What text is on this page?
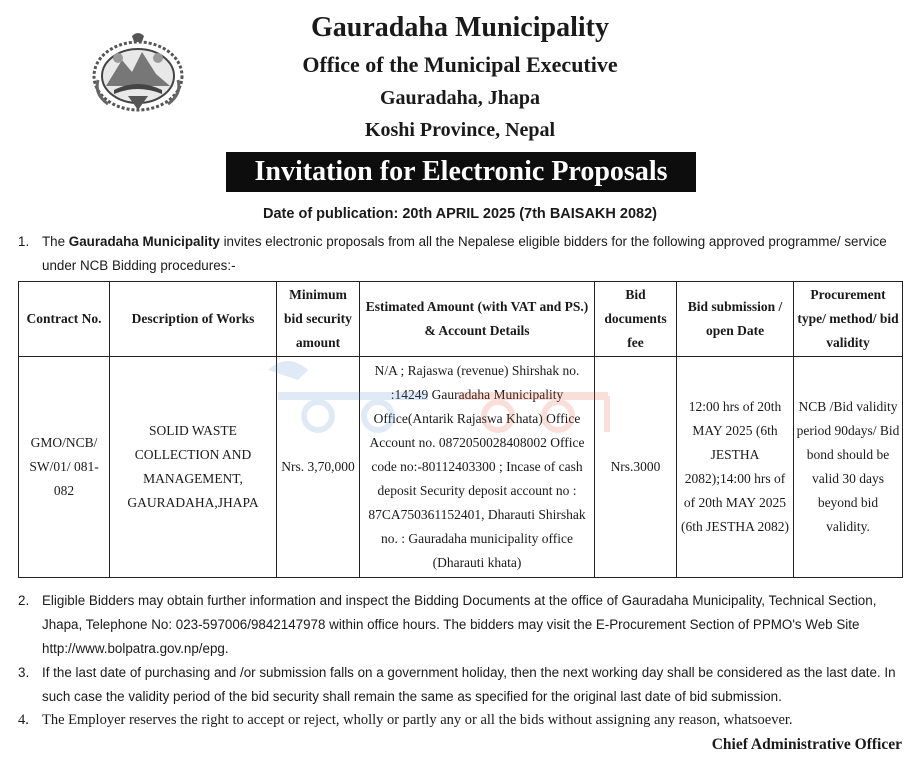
Gauradaha Municipality
Office of the Municipal Executive
Gauradaha, Jhapa
Koshi Province, Nepal
Invitation for Electronic Proposals
Date of publication: 20th APRIL 2025 (7th BAISAKH 2082)
1. The Gauradaha Municipality invites electronic proposals from all the Nepalese eligible bidders for the following approved programme/ service under NCB Bidding procedures:-
Contract No.	Description of Works	Minimum bid security amount	Estimated Amount (with VAT and PS.) & Account Details	Bid documents fee	Bid submission / open Date	Procurement type/ method/ bid validity
GMO/NCB/ SW/01/ 081-082	SOLID WASTE COLLECTION AND MANAGEMENT, GAURADAHA,JHAPA	Nrs. 3,70,000	N/A ; Rajaswa (revenue) Shirshak no. :14249 Gauradaha Municipality Office(Antarik Rajaswa Khata) Office Account no. 0872050028408002 Office code no:-80112403300 ; Incase of cash deposit Security deposit account no : 87CA750361152401, Dharauti Shirshak no. : Gauradaha municipality office (Dharauti khata)	Nrs.3000	12:00 hrs of 20th MAY 2025 (6th JESTHA 2082);14:00 hrs of of 20th MAY 2025 (6th JESTHA 2082)	NCB /Bid validity period 90days/ Bid bond should be valid 30 days beyond bid validity.
2. Eligible Bidders may obtain further information and inspect the Bidding Documents at the office of Gauradaha Municipality, Technical Section, Jhapa, Telephone No: 023-597006/9842147978 within office hours. The bidders may visit the E-Procurement Section of PPMO's Web Site http://www.bolpatra.gov.np/epg.
3. If the last date of purchasing and /or submission falls on a government holiday, then the next working day shall be considered as the last date. In such case the validity period of the bid security shall remain the same as specified for the original last date of bid submission.
4. The Employer reserves the right to accept or reject, wholly or partly any or all the bids without assigning any reason, whatsoever.
Chief Administrative Officer
